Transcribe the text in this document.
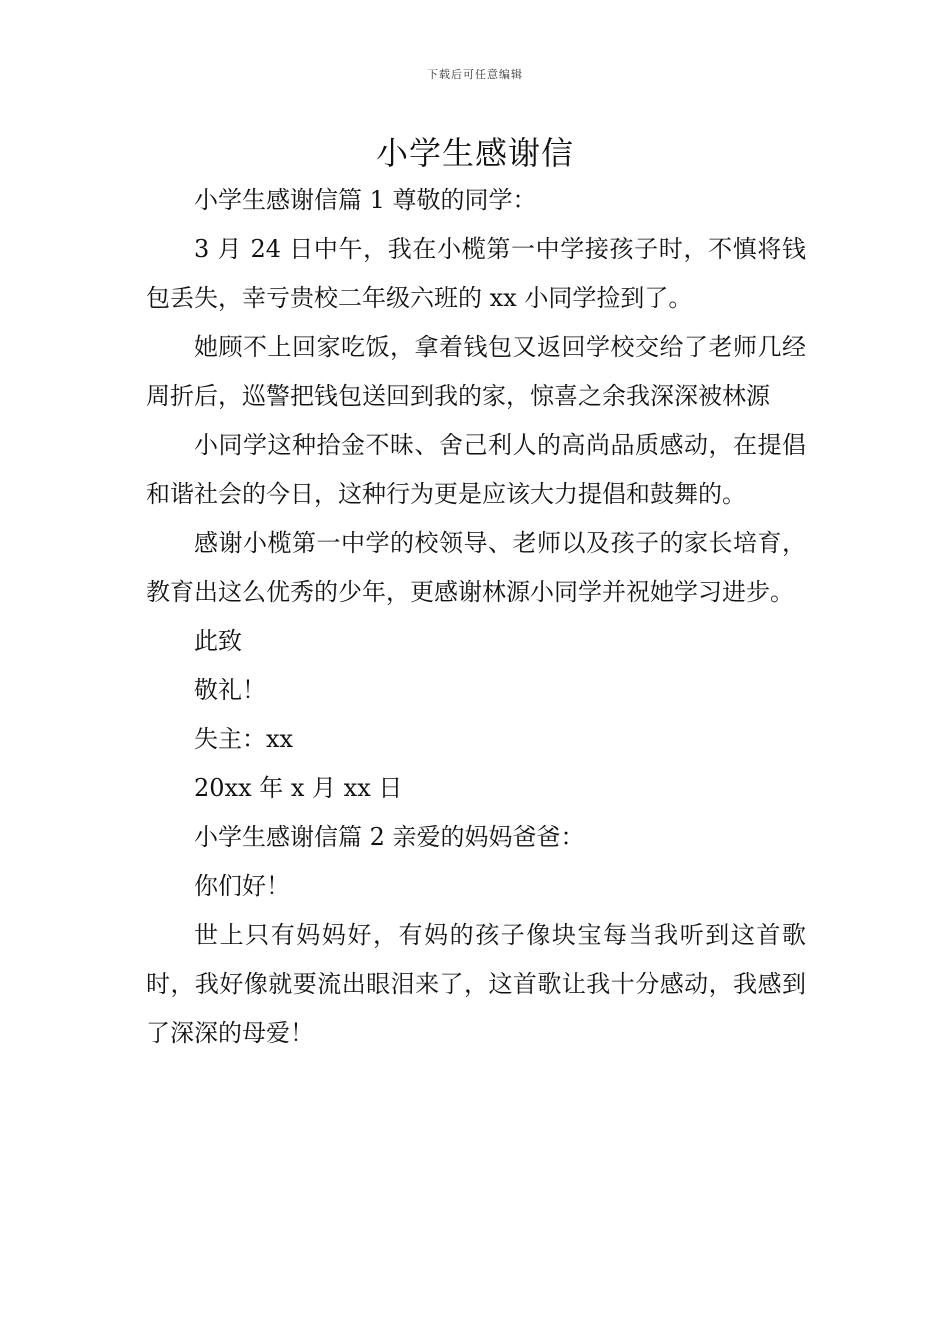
下载后可任意编辑
小学生感谢信

小学生感谢信篇 1 尊敬的同学：

3 月 24 日中午，我在小榄第一中学接孩子时，不慎将钱包丢失，幸亏贵校二年级六班的 xx 小同学捡到了。

她顾不上回家吃饭，拿着钱包又返回学校交给了老师几经周折后，巡警把钱包送回到我的家，惊喜之余我深深被林源

小同学这种拾金不昧、舍己利人的高尚品质感动，在提倡和谐社会的今日，这种行为更是应该大力提倡和鼓舞的。

感谢小榄第一中学的校领导、老师以及孩子的家长培育，教育出这么优秀的少年，更感谢林源小同学并祝她学习进步。

此致

敬礼！

失主：xx

20xx 年 x 月 xx 日

小学生感谢信篇 2 亲爱的妈妈爸爸：

你们好！

世上只有妈妈好，有妈的孩子像块宝每当我听到这首歌时，我好像就要流出眼泪来了，这首歌让我十分感动，我感到了深深的母爱！
